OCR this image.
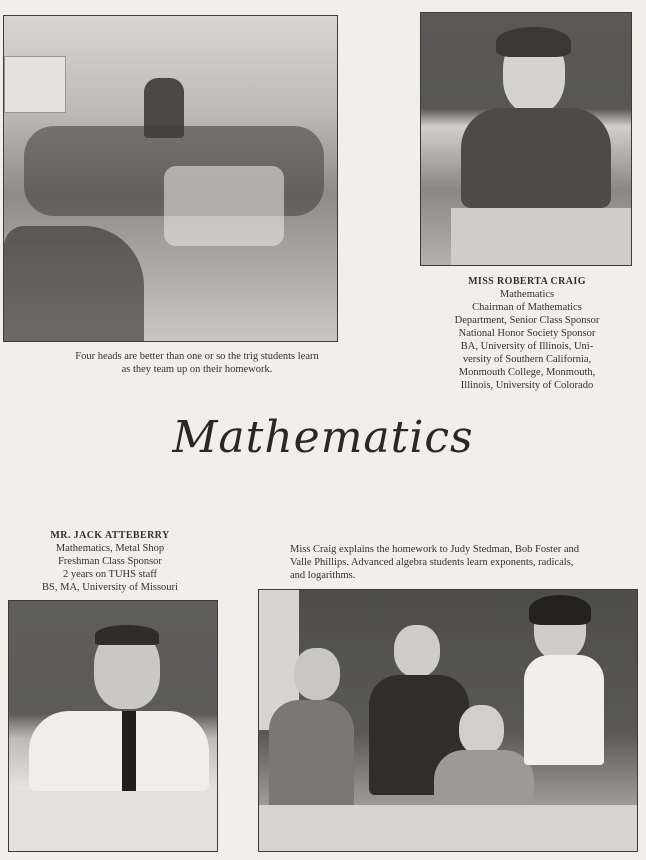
Four heads are better than one or so the trig students learn
as they team up on their homework.
MISS ROBERTA CRAIG
Mathematics
Chairman of Mathematics
Department, Senior Class Sponsor
National Honor Society Sponsor
BA, University of Illinois, Uni-
versity of Southern California,
Monmouth College, Monmouth,
Illinois, University of Colorado
Mathematics
MR. JACK ATTEBERRY
Mathematics, Metal Shop
Freshman Class Sponsor
2 years on TUHS staff
BS, MA, University of Missouri
Miss Craig explains the homework to Judy Stedman, Bob Foster and
Valle Phillips. Advanced algebra students learn exponents, radicals,
and logarithms.
